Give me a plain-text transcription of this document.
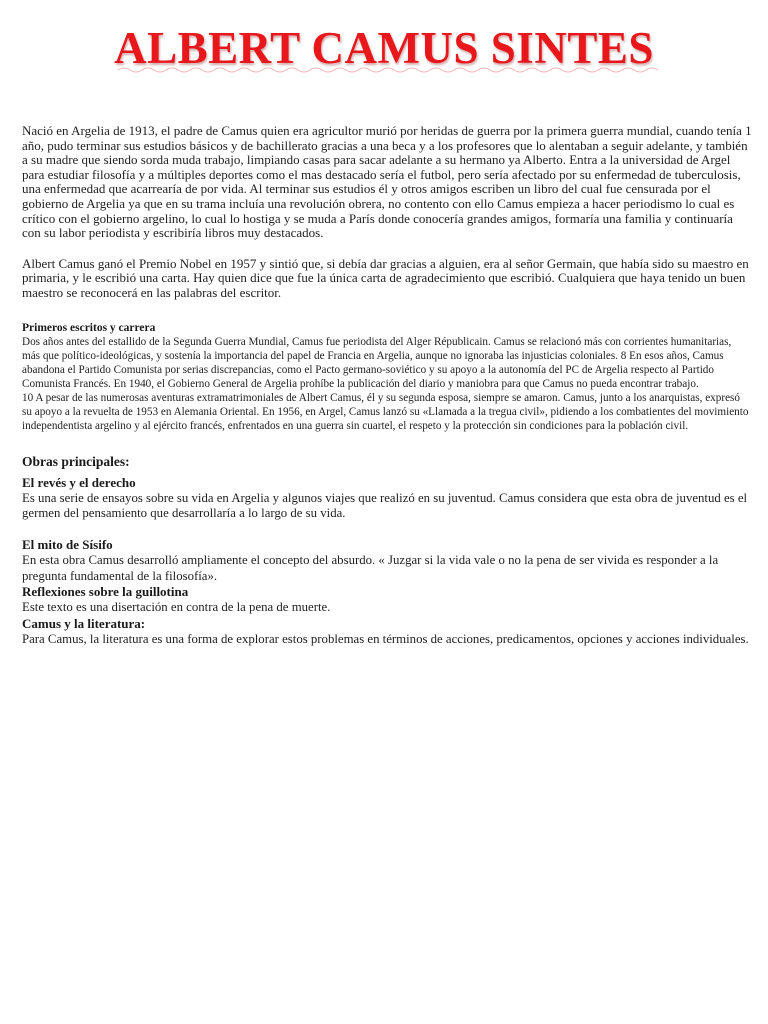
ALBERT CAMUS SINTES

Nació en Argelia de 1913, el padre de Camus quien era agricultor murió por heridas de guerra por la primera guerra mundial, cuando tenía 1 año, pudo terminar sus estudios básicos y de bachillerato gracias a una beca y a los profesores que lo alentaban a seguir adelante, y también a su madre que siendo sorda muda trabajo, limpiando casas para sacar adelante a su hermano ya Alberto. Entra a la universidad de Argel para estudiar filosofía y a múltiples deportes como el mas destacado sería el futbol, pero sería afectado por su enfermedad de tuberculosis, una enfermedad que acarrearía de por vida. Al terminar sus estudios él y otros amigos escriben un libro del cual fue censurada por el gobierno de Argelia ya que en su trama incluía una revolución obrera, no contento con ello Camus empieza a hacer periodismo lo cual es crítico con el gobierno argelino, lo cual lo hostiga y se muda a París donde conocería grandes amigos, formaría una familia y continuaría con su labor periodista y escribiría libros muy destacados.

Albert Camus ganó el Premio Nobel en 1957 y sintió que, si debía dar gracias a alguien, era al señor Germain, que había sido su maestro en primaria, y le escribió una carta. Hay quien dice que fue la única carta de agradecimiento que escribió. Cualquiera que haya tenido un buen maestro se reconocerá en las palabras del escritor.

Primeros escritos y carrera

Dos años antes del estallido de la Segunda Guerra Mundial, Camus fue periodista del Alger Républicain. Camus se relacionó más con corrientes humanitarias, más que político-ideológicas, y sostenía la importancia del papel de Francia en Argelia, aunque no ignoraba las injusticias coloniales. 8 En esos años, Camus abandona el Partido Comunista por serias discrepancias, como el Pacto germano-soviético y su apoyo a la autonomía del PC de Argelia respecto al Partido Comunista Francés. En 1940, el Gobierno General de Argelia prohíbe la publicación del diario y maniobra para que Camus no pueda encontrar trabajo.

10 A pesar de las numerosas aventuras extramatrimoniales de Albert Camus, él y su segunda esposa, siempre se amaron. Camus, junto a los anarquistas, expresó su apoyo a la revuelta de 1953 en Alemania Oriental. En 1956, en Argel, Camus lanzó su «Llamada a la tregua civil», pidiendo a los combatientes del movimiento independentista argelino y al ejército francés, enfrentados en una guerra sin cuartel, el respeto y la protección sin condiciones para la población civil.

Obras principales:
El revés y el derecho

Es una serie de ensayos sobre su vida en Argelia y algunos viajes que realizó en su juventud. Camus considera que esta obra de juventud es el germen del pensamiento que desarrollaría a lo largo de su vida.

El mito de Sísifo

En esta obra Camus desarrolló ampliamente el concepto del absurdo. « Juzgar si la vida vale o no la pena de ser vivida es responder a la pregunta fundamental de la filosofía».

Reflexiones sobre la guillotina

Este texto es una disertación en contra de la pena de muerte.

Camus y la literatura:

Para Camus, la literatura es una forma de explorar estos problemas en términos de acciones, predicamentos, opciones y acciones individuales.
